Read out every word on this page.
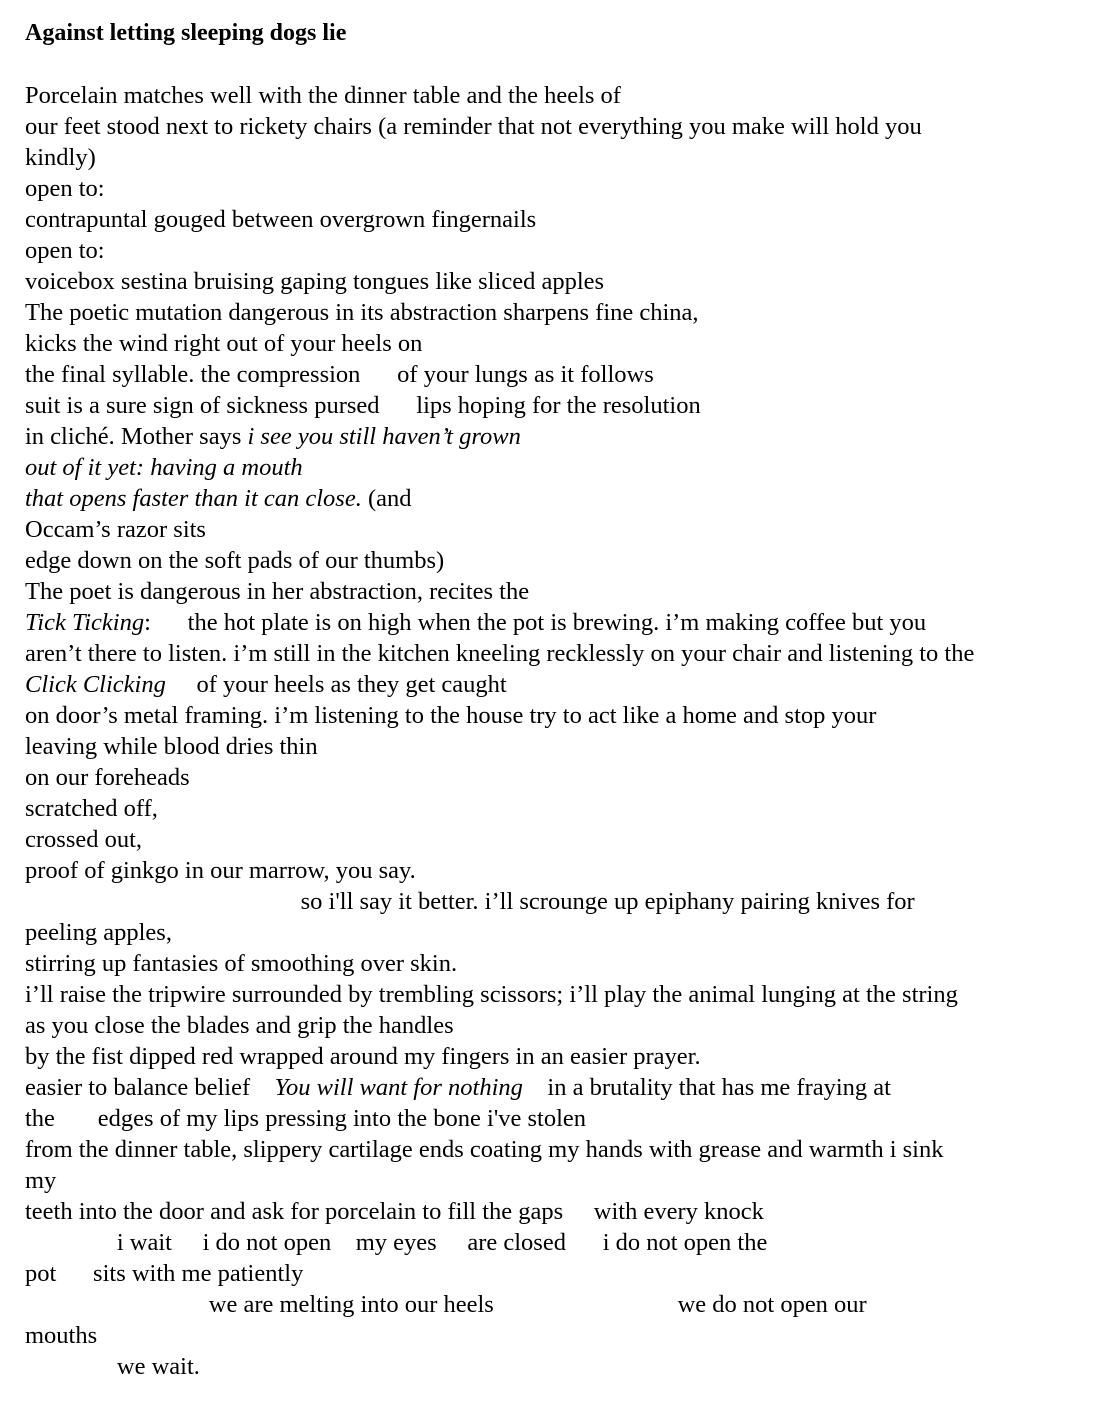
Against letting sleeping dogs lie
Porcelain matches well with the dinner table and the heels of
our feet stood next to rickety chairs (a reminder that not everything you make will hold you
kindly)
open to:
contrapuntal gouged between overgrown fingernails
open to:
voicebox sestina bruising gaping tongues like sliced apples
The poetic mutation dangerous in its abstraction sharpens fine china,
kicks the wind right out of your heels on
the final syllable. the compression      of your lungs as it follows
suit is a sure sign of sickness pursed      lips hoping for the resolution
in cliché. Mother says i see you still haven’t grown
out of it yet: having a mouth
that opens faster than it can close. (and
Occam’s razor sits
edge down on the soft pads of our thumbs)
The poet is dangerous in her abstraction, recites the
Tick Ticking:      the hot plate is on high when the pot is brewing. i’m making coffee but you
aren’t there to listen. i’m still in the kitchen kneeling recklessly on your chair and listening to the
Click Clicking     of your heels as they get caught
on door’s metal framing. i’m listening to the house try to act like a home and stop your
leaving while blood dries thin
on our foreheads
scratched off,
crossed out,
proof of ginkgo in our marrow, you say.
so i'll say it better. i’ll scrounge up epiphany pairing knives for
peeling apples,
stirring up fantasies of smoothing over skin.
i’ll raise the tripwire surrounded by trembling scissors; i’ll play the animal lunging at the string
as you close the blades and grip the handles
by the fist dipped red wrapped around my fingers in an easier prayer.
easier to balance belief    You will want for nothing    in a brutality that has me fraying at
the       edges of my lips pressing into the bone i've stolen
from the dinner table, slippery cartilage ends coating my hands with grease and warmth i sink
my
teeth into the door and ask for porcelain to fill the gaps     with every knock
i wait     i do not open    my eyes     are closed      i do not open the
pot      sits with me patiently
we are melting into our heels                              we do not open our
mouths
we wait.
